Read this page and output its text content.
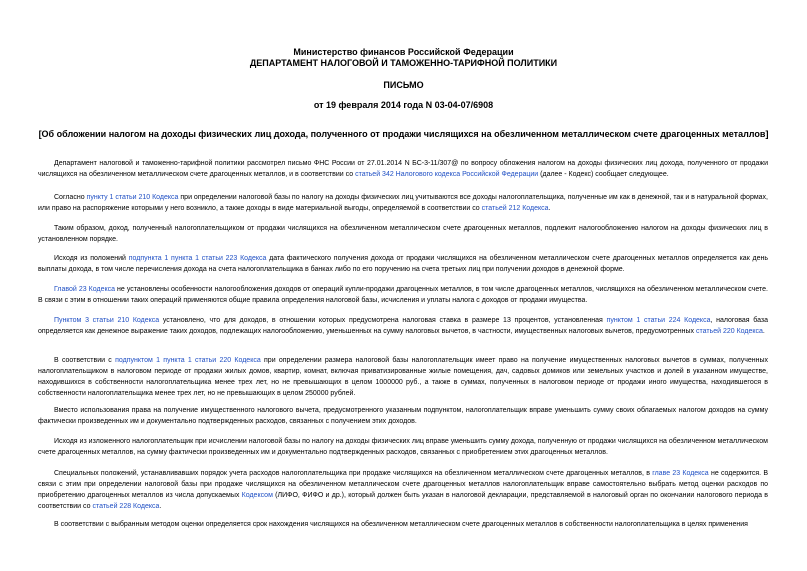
Министерство финансов Российской Федерации
ДЕПАРТАМЕНТ НАЛОГОВОЙ И ТАМОЖЕННО-ТАРИФНОЙ ПОЛИТИКИ
ПИСЬМО
от 19 февраля 2014 года N 03-04-07/6908
[Об обложении налогом на доходы физических лиц дохода, полученного от продажи числящихся на обезличенном металлическом счете драгоценных металлов]

Департамент налоговой и таможенно-тарифной политики рассмотрел письмо ФНС России от 27.01.2014 N БС-3-11/307@ по вопросу обложения налогом на доходы физических лиц дохода, полученного от продажи числящихся на обезличенном металлическом счете драгоценных металлов, и в соответствии со статьей 342 Налогового кодекса Российской Федерации (далее - Кодекс) сообщает следующее.

Согласно пункту 1 статьи 210 Кодекса при определении налоговой базы по налогу на доходы физических лиц учитываются все доходы налогоплательщика, полученные им как в денежной, так и в натуральной формах, или право на распоряжение которыми у него возникло, а также доходы в виде материальной выгоды, определяемой в соответствии со статьей 212 Кодекса.

Таким образом, доход, полученный налогоплательщиком от продажи числящихся на обезличенном металлическом счете драгоценных металлов, подлежит налогообложению налогом на доходы физических лиц в установленном порядке.

Исходя из положений подпункта 1 пункта 1 статьи 223 Кодекса дата фактического получения дохода от продажи числящихся на обезличенном металлическом счете драгоценных металлов определяется как день выплаты дохода, в том числе перечисления дохода на счета налогоплательщика в банках либо по его поручению на счета третьих лиц при получении доходов в денежной форме.

Главой 23 Кодекса не установлены особенности налогообложения доходов от операций купли-продажи драгоценных металлов, в том числе драгоценных металлов, числящихся на обезличенном металлическом счете. В связи с этим в отношении таких операций применяются общие правила определения налоговой базы, исчисления и уплаты налога с доходов от продажи имущества.

Пунктом 3 статьи 210 Кодекса установлено, что для доходов, в отношении которых предусмотрена налоговая ставка в размере 13 процентов, установленная пунктом 1 статьи 224 Кодекса, налоговая база определяется как денежное выражение таких доходов, подлежащих налогообложению, уменьшенных на сумму налоговых вычетов, в частности, имущественных налоговых вычетов, предусмотренных статьей 220 Кодекса.

В соответствии с подпунктом 1 пункта 1 статьи 220 Кодекса при определении размера налоговой базы налогоплательщик имеет право на получение имущественных налоговых вычетов в суммах, полученных налогоплательщиком в налоговом периоде от продажи жилых домов, квартир, комнат, включая приватизированные жилые помещения, дач, садовых домиков или земельных участков и долей в указанном имуществе, находившихся в собственности налогоплательщика менее трех лет, но не превышающих в целом 1000000 руб., а также в суммах, полученных в налоговом периоде от продажи иного имущества, находившегося в собственности налогоплательщика менее трех лет, но не превышающих в целом 250000 рублей.

Вместо использования права на получение имущественного налогового вычета, предусмотренного указанным подпунктом, налогоплательщик вправе уменьшить сумму своих облагаемых налогом доходов на сумму фактически произведенных им и документально подтвержденных расходов, связанных с получением этих доходов.

Исходя из изложенного налогоплательщик при исчислении налоговой базы по налогу на доходы физических лиц вправе уменьшить сумму дохода, полученную от продажи числящихся на обезличенном металлическом счете драгоценных металлов, на сумму фактически произведенных им и документально подтвержденных расходов, связанных с приобретением этих драгоценных металлов.

Специальных положений, устанавливавших порядок учета расходов налогоплательщика при продаже числящихся на обезличенном металлическом счете драгоценных металлов, в главе 23 Кодекса не содержится. В связи с этим при определении налоговой базы при продаже числящихся на обезличенном металлическом счете драгоценных металлов налогоплательщик вправе самостоятельно выбрать метод оценки расходов по приобретению драгоценных металлов из числа допускаемых Кодексом (ЛИФО, ФИФО и др.), который должен быть указан в налоговой декларации, представляемой в налоговый орган по окончании налогового периода в соответствии со статьей 228 Кодекса.

В соответствии с выбранным методом оценки определяется срок нахождения числящихся на обезличенном металлическом счете драгоценных металлов в собственности налогоплательщика в целях применения
